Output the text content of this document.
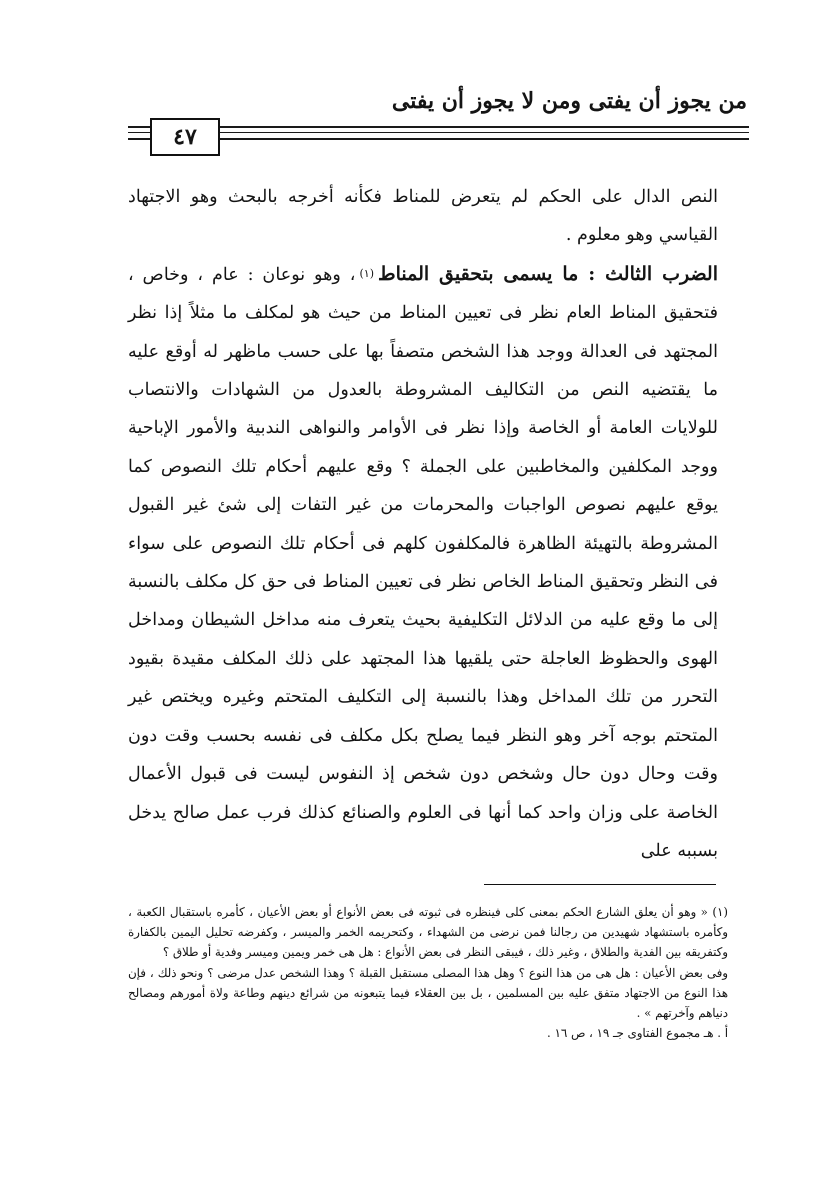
من يجوز أن يفتى ومن لا يجوز أن يفتى
٤٧

النص الدال على الحكم لم يتعرض للمناط فكأنه أخرجه بالبحث وهو الاجتهاد القياسي وهو معلوم .

الضرب الثالث : ما يسمى بتحقيق المناط$^{(١)}$، وهو نوعان : عام ، وخاص ، فتحقيق المناط العام نظر فى تعيين المناط من حيث هو لمكلف ما مثلاً إذا نظر المجتهد فى العدالة ووجد هذا الشخص متصفاً بها على حسب ماظهر له أوقع عليه ما يقتضيه النص من التكاليف المشروطة بالعدول من الشهادات والانتصاب للولايات العامة أو الخاصة وإذا نظر فى الأوامر والنواهى الندبية والأمور الإباحية ووجد المكلفين والمخاطبين على الجملة ؟ وقع عليهم أحكام تلك النصوص كما يوقع عليهم نصوص الواجبات والمحرمات من غير التفات إلى شئ غير القبول المشروطة بالتهيئة الظاهرة فالمكلفون كلهم فى أحكام تلك النصوص على سواء فى النظر وتحقيق المناط الخاص نظر فى تعيين المناط فى حق كل مكلف بالنسبة إلى ما وقع عليه من الدلائل التكليفية بحيث يتعرف منه مداخل الشيطان ومداخل الهوى والحظوظ العاجلة حتى يلقيها هذا المجتهد على ذلك المكلف مقيدة بقيود التحرر من تلك المداخل وهذا بالنسبة إلى التكليف المتحتم وغيره ويختص غير المتحتم بوجه آخر وهو النظر فيما يصلح بكل مكلف فى نفسه بحسب وقت دون وقت وحال دون حال وشخص دون شخص إذ النفوس ليست فى قبول الأعمال الخاصة على وزان واحد كما أنها فى العلوم والصنائع كذلك فرب عمل صالح يدخل بسببه على

(١) « وهو أن يعلق الشارع الحكم بمعنى كلى فينظره فى ثبوته فى بعض الأنواع أو بعض الأعيان ، كأمره باستقبال الكعبة ، وكأمره باستشهاد شهيدين من رجالنا فمن نرضى من الشهداء ، وكتحريمه الخمر والميسر ، وكفرضه تحليل اليمين بالكفارة وكتفريقه بين الفدية والطلاق ، وغير ذلك ، فيبقى النظر فى بعض الأنواع : هل هى خمر ويمين وميسر وفدية أو طلاق ؟

وفى بعض الأعيان : هل هى من هذا النوع ؟ وهل هذا المصلى مستقبل القبلة ؟ وهذا الشخص عدل مرضى ؟ ونحو ذلك ، فإن هذا النوع من الاجتهاد متفق عليه بين المسلمين ، بل بين العقلاء فيما يتبعونه من شرائع دينهم وطاعة ولاة أمورهم ومصالح دنياهم وآخرتهم » .

أ . هـ مجموع الفتاوى جـ ١٩ ، ص ١٦ .
